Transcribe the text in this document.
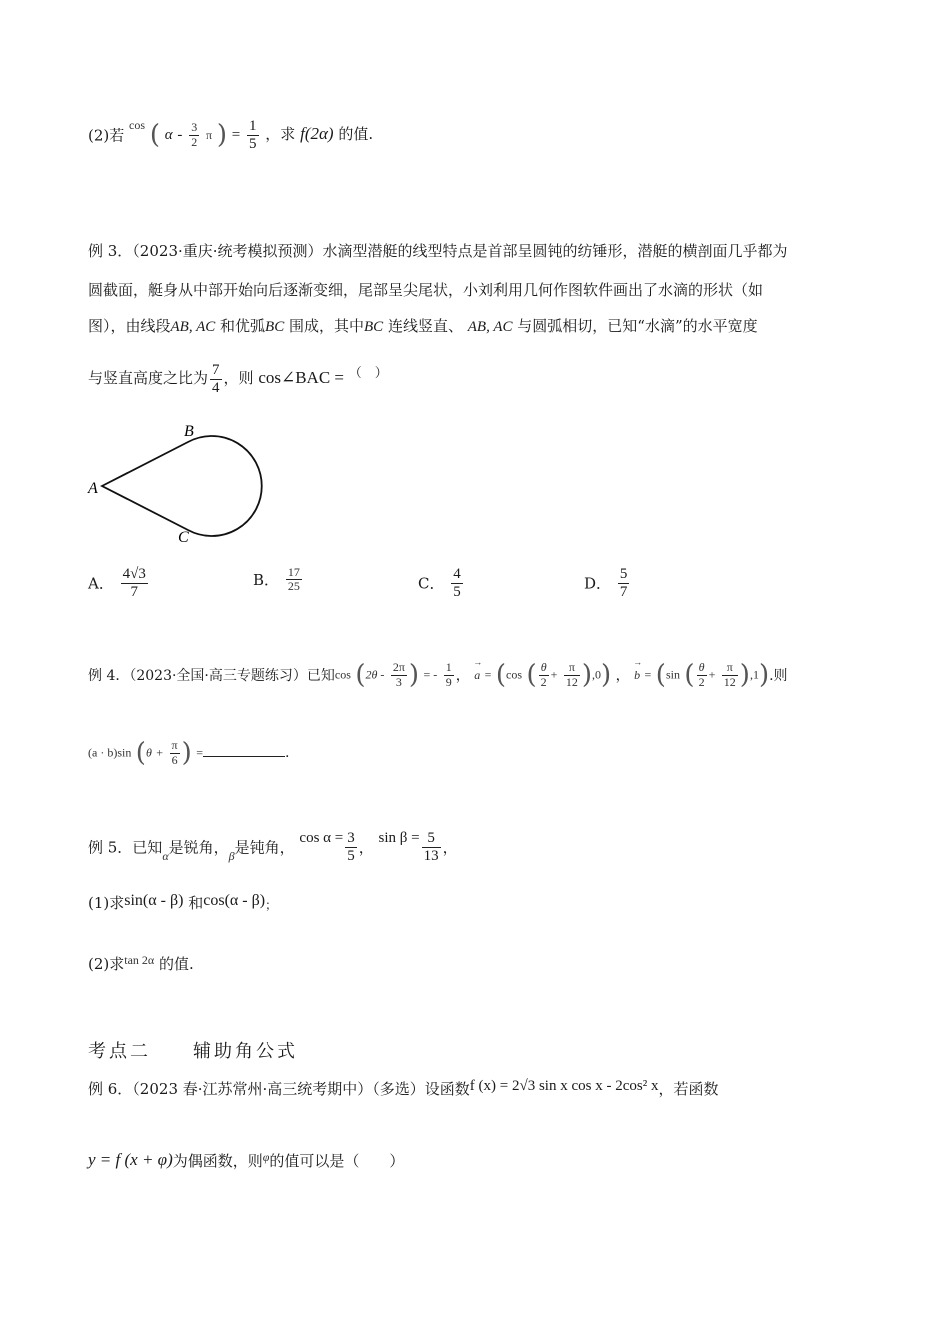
(2)若 $^{cos}$ ( α - $\frac{3}{2}$ π ) = $\frac{1}{5}$ ，求 f(2α) 的值.
例 3．（2023·重庆·统考模拟预测）水滴型潜艇的线型特点是首部呈圆钝的纺锤形，潜艇的横剖面几乎都为
圆截面，艇身从中部开始向后逐渐变细，尾部呈尖尾状，小刘利用几何作图软件画出了水滴的形状（如
图），由线段AB, AC 和优弧BC 围成，其中BC 连线竖直、 AB, AC 与圆弧相切，已知“水滴”的水平宽度
与竖直高度之比为 $\frac{7}{4}$ ，则 cos∠BAC = （　）
A
B
C
A． $\frac{4√3}{7}$	B． $\frac{17}{25}$	C． $\frac{4}{5}$	D． $\frac{5}{7}$
例 4．（2023·全国·高三专题练习）已知$\cos (2\theta - \frac{2\pi}{3}$ ) = - $\frac{1}{9}$ ， → a = (cos ( $\frac{\theta}{2} + \frac{\pi}{12} ),0$) ， → b = (sin ( $\frac{\theta}{2} + \frac{\pi}{12} ),1$).则
(a · b)sin ($\theta + \frac{\pi}{6}$ ) =	.
例 5．已知α是锐角，β是钝角， $\cos \alpha = \frac{3}{5}$ ， $\sin \beta = \frac{5}{13}$ ，
(1)求sin(α - β) 和cos(α - β)；
(2)求$^{tan 2\alpha}$ 的值.
考点二　　辅助角公式
例 6．（2023 春·江苏常州·高三统考期中）（多选）设函数f (x) = 2√3 sin x cos x - 2cos² x，若函数
y = f (x + φ)为偶函数，则$^\varphi$的值可以是（　　）
